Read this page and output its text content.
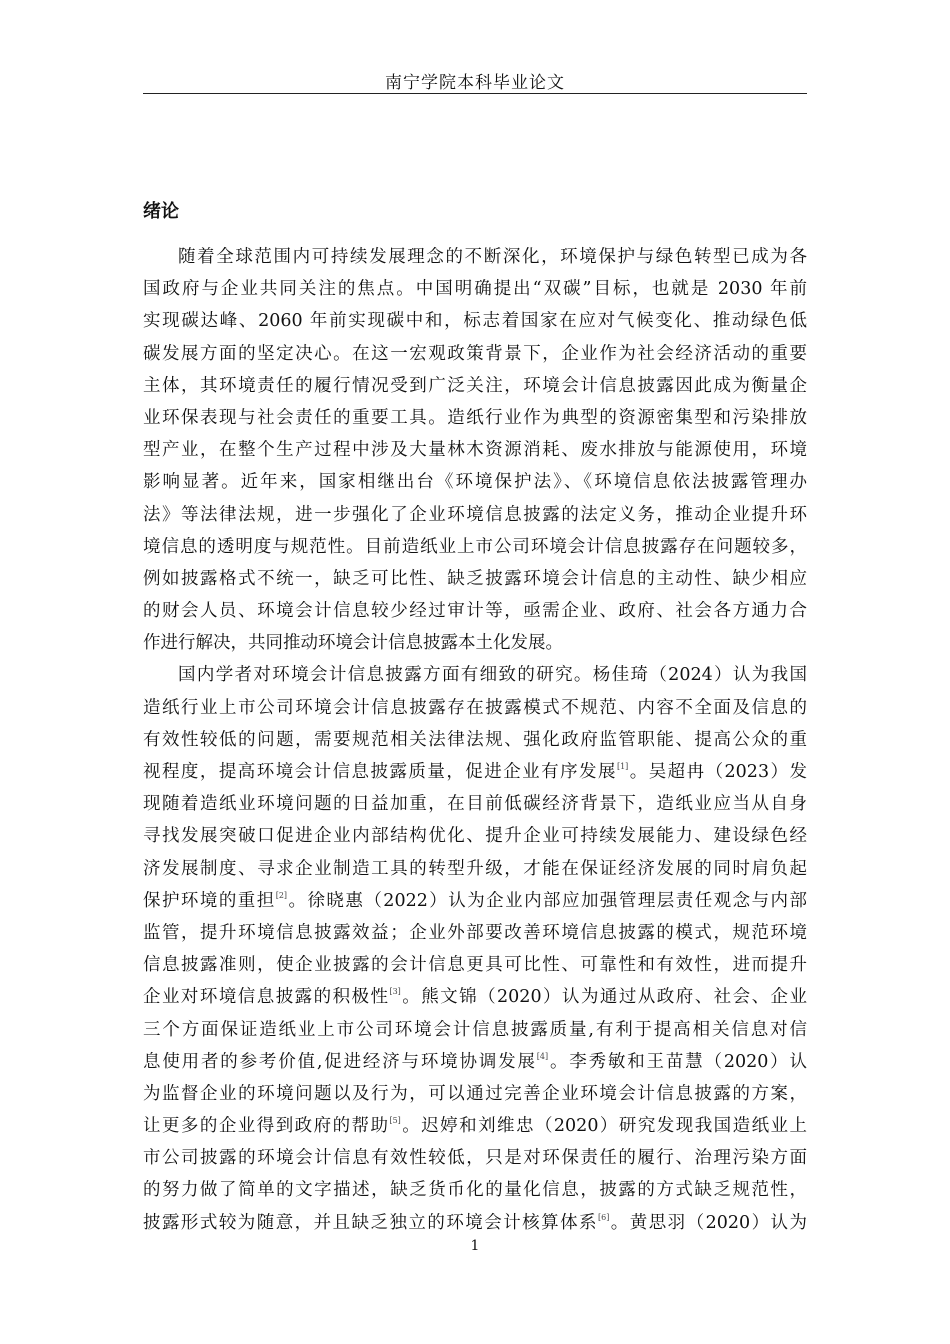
南宁学院本科毕业论文
绪论
随着全球范围内可持续发展理念的不断深化，环境保护与绿色转型已成为各
国政府与企业共同关注的焦点。中国明确提出“双碳”目标，也就是 2030 年前
实现碳达峰、2060 年前实现碳中和，标志着国家在应对气候变化、推动绿色低
碳发展方面的坚定决心。在这一宏观政策背景下，企业作为社会经济活动的重要
主体，其环境责任的履行情况受到广泛关注，环境会计信息披露因此成为衡量企
业环保表现与社会责任的重要工具。造纸行业作为典型的资源密集型和污染排放
型产业，在整个生产过程中涉及大量林木资源消耗、废水排放与能源使用，环境
影响显著。近年来，国家相继出台《环境保护法》、《环境信息依法披露管理办
法》等法律法规，进一步强化了企业环境信息披露的法定义务，推动企业提升环
境信息的透明度与规范性。目前造纸业上市公司环境会计信息披露存在问题较多，
例如披露格式不统一，缺乏可比性、缺乏披露环境会计信息的主动性、缺少相应
的财会人员、环境会计信息较少经过审计等，亟需企业、政府、社会各方通力合
作进行解决，共同推动环境会计信息披露本土化发展。
国内学者对环境会计信息披露方面有细致的研究。杨佳琦（2024）认为我国
造纸行业上市公司环境会计信息披露存在披露模式不规范、内容不全面及信息的
有效性较低的问题，需要规范相关法律法规、强化政府监管职能、提高公众的重
视程度，提高环境会计信息披露质量，促进企业有序发展[1]。吴超冉（2023）发
现随着造纸业环境问题的日益加重，在目前低碳经济背景下，造纸业应当从自身
寻找发展突破口促进企业内部结构优化、提升企业可持续发展能力、建设绿色经
济发展制度、寻求企业制造工具的转型升级，才能在保证经济发展的同时肩负起
保护环境的重担[2]。徐晓惠（2022）认为企业内部应加强管理层责任观念与内部
监管，提升环境信息披露效益；企业外部要改善环境信息披露的模式，规范环境
信息披露准则，使企业披露的会计信息更具可比性、可靠性和有效性，进而提升
企业对环境信息披露的积极性[3]。熊文锦（2020）认为通过从政府、社会、企业
三个方面保证造纸业上市公司环境会计信息披露质量,有利于提高相关信息对信
息使用者的参考价值,促进经济与环境协调发展[4]。李秀敏和王苗慧（2020）认
为监督企业的环境问题以及行为，可以通过完善企业环境会计信息披露的方案，
让更多的企业得到政府的帮助[5]。迟婷和刘维忠（2020）研究发现我国造纸业上
市公司披露的环境会计信息有效性较低，只是对环保责任的履行、治理污染方面
的努力做了简单的文字描述，缺乏货币化的量化信息，披露的方式缺乏规范性，
披露形式较为随意，并且缺乏独立的环境会计核算体系[6]。黄思羽（2020）认为
1
